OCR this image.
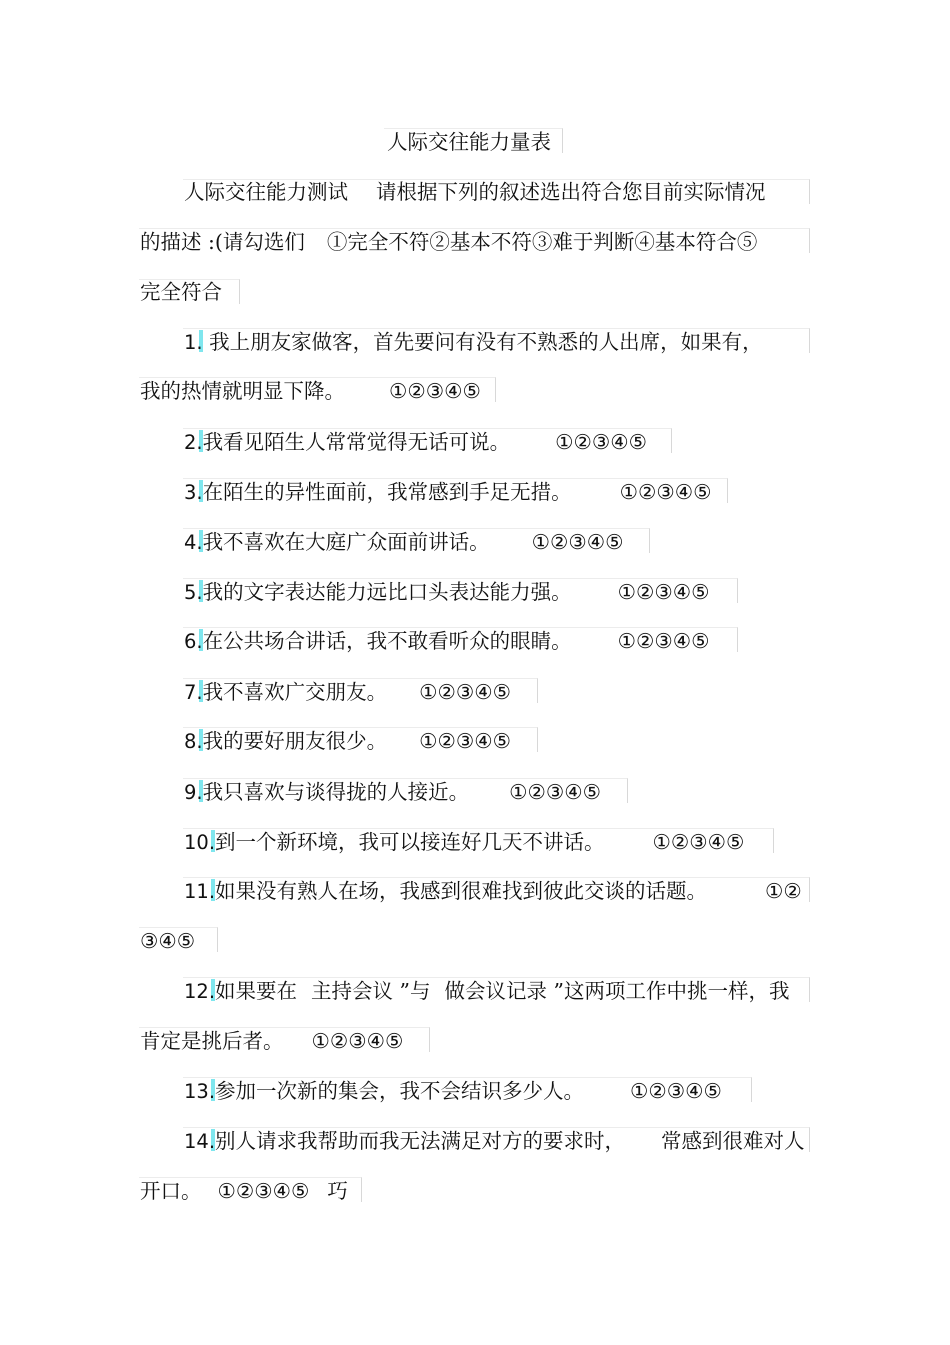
人际交往能力量表
人际交往能力测试 请根据下列的叙述选出符合您目前实际情况
的描述 :(请勾选们 ①完全不符②基本不符③难于判断④基本符合⑤
完全符合
1. 我上朋友家做客，首先要问有没有不熟悉的人出席，如果有，
我的热情就明显下降。 ①②③④⑤
2.我看见陌生人常常觉得无话可说。 ①②③④⑤
3.在陌生的异性面前，我常感到手足无措。 ①②③④⑤
4.我不喜欢在大庭广众面前讲话。 ①②③④⑤
5.我的文字表达能力远比口头表达能力强。 ①②③④⑤
6.在公共场合讲话，我不敢看听众的眼睛。 ①②③④⑤
7.我不喜欢广交朋友。 ①②③④⑤
8.我的要好朋友很少。 ①②③④⑤
9.我只喜欢与谈得拢的人接近。 ①②③④⑤
10.到一个新环境，我可以接连好几天不讲话。 ①②③④⑤
11.如果没有熟人在场，我感到很难找到彼此交谈的话题。	①②
③④⑤
12.如果要在 主持会议 ”与 做会议记录 ”这两项工作中挑一样，我
肯定是挑后者。 ①②③④⑤
13.参加一次新的集会，我不会结识多少人。 ①②③④⑤
14.别人请求我帮助而我无法满足对方的要求时， 常感到很难对人
开口。 ①②③④⑤ 巧
